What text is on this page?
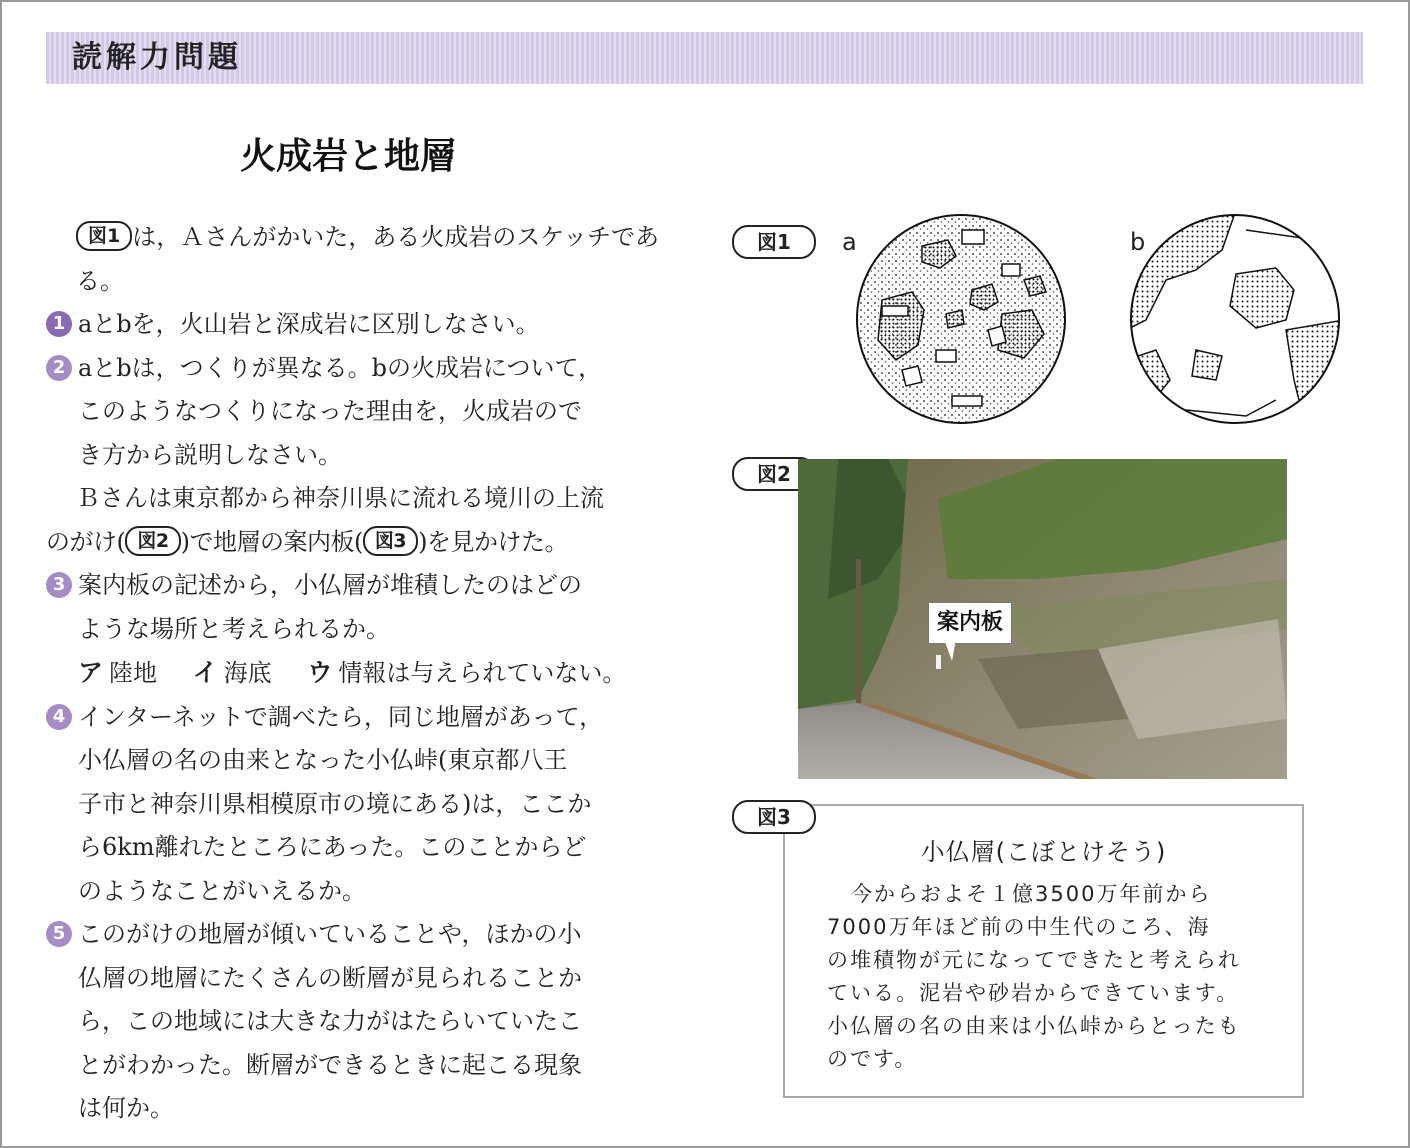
読解力問題
火成岩と地層

図1 は，Ａさんがかいた，ある火成岩のスケッチである。

1 aとbを，火山岩と深成岩に区別しなさい。

2 aとbは，つくりが異なる。bの火成岩について，

このようなつくりになった理由を，火成岩ので

き方から説明しなさい。

Ｂさんは東京都から神奈川県に流れる境川の上流

のがけ( 図2 )で地層の案内板( 図3 )を見かけた。

3 案内板の記述から，小仏層が堆積したのはどの

ような場所と考えられるか。

ア 陸地 イ 海底 ウ 情報は与えられていない。

4 インターネットで調べたら，同じ地層があって，

小仏層の名の由来となった小仏峠(東京都八王

子市と神奈川県相模原市の境にある)は，ここか

ら6km離れたところにあった。このことからど

のようなことがいえるか。

5 このがけの地層が傾いていることや，ほかの小

仏層の地層にたくさんの断層が見られることか

ら，この地域には大きな力がはたらいていたこ

とがわかった。断層ができるときに起こる現象

は何か。

図1	a	b
図2
案内板
小仏層(こぼとけそう)
今からおよそ１億3500万年前から
7000万年ほど前の中生代のころ、海
の堆積物が元になってできたと考えられ
ている。泥岩や砂岩からできています。
小仏層の名の由来は小仏峠からとったも
のです。
図3
